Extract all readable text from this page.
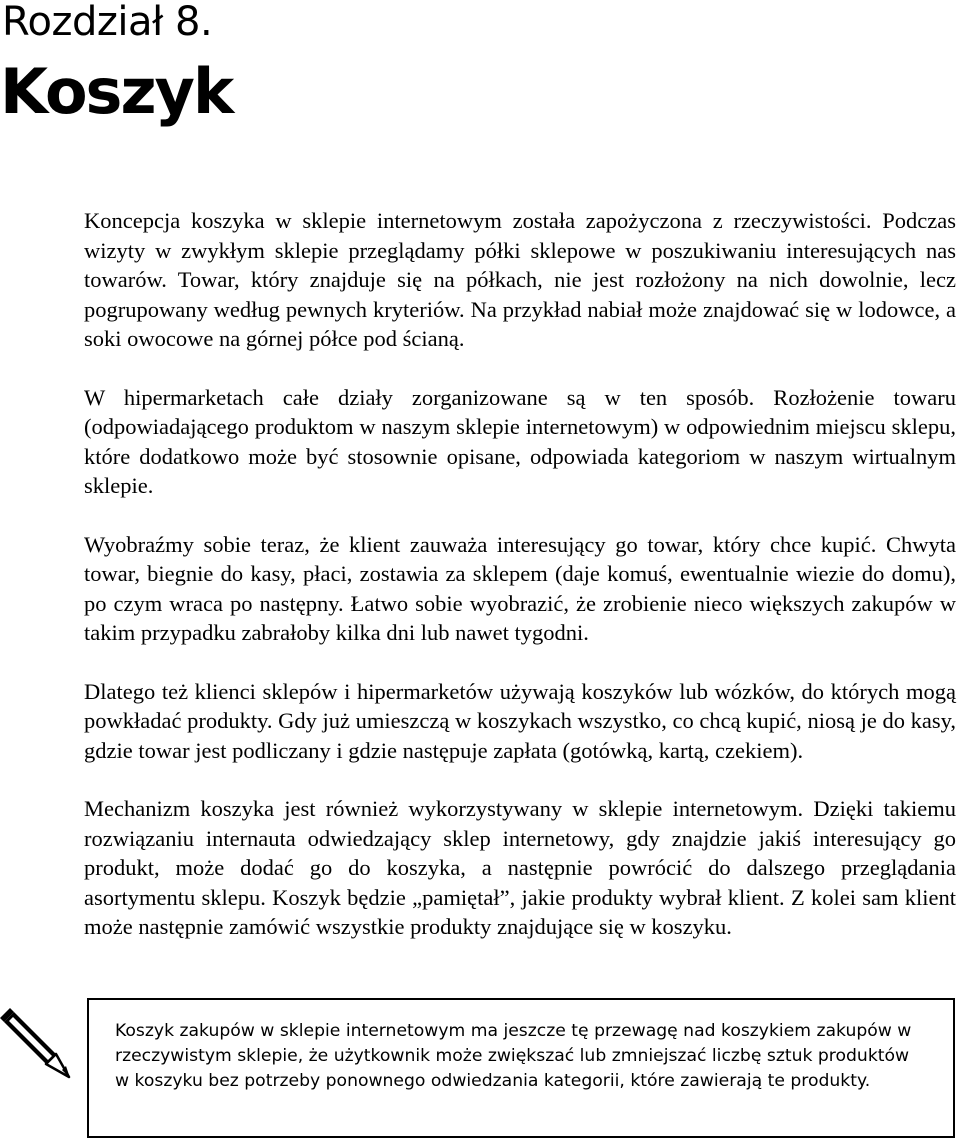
Rozdział 8.
Koszyk

Koncepcja koszyka w sklepie internetowym została zapożyczona z rzeczywistości. Podczas wizyty w zwykłym sklepie przeglądamy półki sklepowe w poszukiwaniu interesujących nas towarów. Towar, który znajduje się na półkach, nie jest rozłożony na nich dowolnie, lecz pogrupowany według pewnych kryteriów. Na przykład nabiał może znajdować się w lodowce, a soki owocowe na górnej półce pod ścianą.

W hipermarketach całe działy zorganizowane są w ten sposób. Rozłożenie towaru (odpowiadającego produktom w naszym sklepie internetowym) w odpowiednim miejscu sklepu, które dodatkowo może być stosownie opisane, odpowiada kategoriom w naszym wirtualnym sklepie.

Wyobraźmy sobie teraz, że klient zauważa interesujący go towar, który chce kupić. Chwyta towar, biegnie do kasy, płaci, zostawia za sklepem (daje komuś, ewentualnie wiezie do domu), po czym wraca po następny. Łatwo sobie wyobrazić, że zrobienie nieco większych zakupów w takim przypadku zabrałoby kilka dni lub nawet tygodni.

Dlatego też klienci sklepów i hipermarketów używają koszyków lub wózków, do których mogą powkładać produkty. Gdy już umieszczą w koszykach wszystko, co chcą kupić, niosą je do kasy, gdzie towar jest podliczany i gdzie następuje zapłata (gotówką, kartą, czekiem).

Mechanizm koszyka jest również wykorzystywany w sklepie internetowym. Dzięki takiemu rozwiązaniu internauta odwiedzający sklep internetowy, gdy znajdzie jakiś interesujący go produkt, może dodać go do koszyka, a następnie powrócić do dalszego przeglądania asortymentu sklepu. Koszyk będzie „pamiętał”, jakie produkty wybrał klient. Z kolei sam klient może następnie zamówić wszystkie produkty znajdujące się w koszyku.

Koszyk zakupów w sklepie internetowym ma jeszcze tę przewagę nad koszykiem zakupów w rzeczywistym sklepie, że użytkownik może zwiększać lub zmniejszać liczbę sztuk produktów w koszyku bez potrzeby ponownego odwiedzania kategorii, które zawierają te produkty.
